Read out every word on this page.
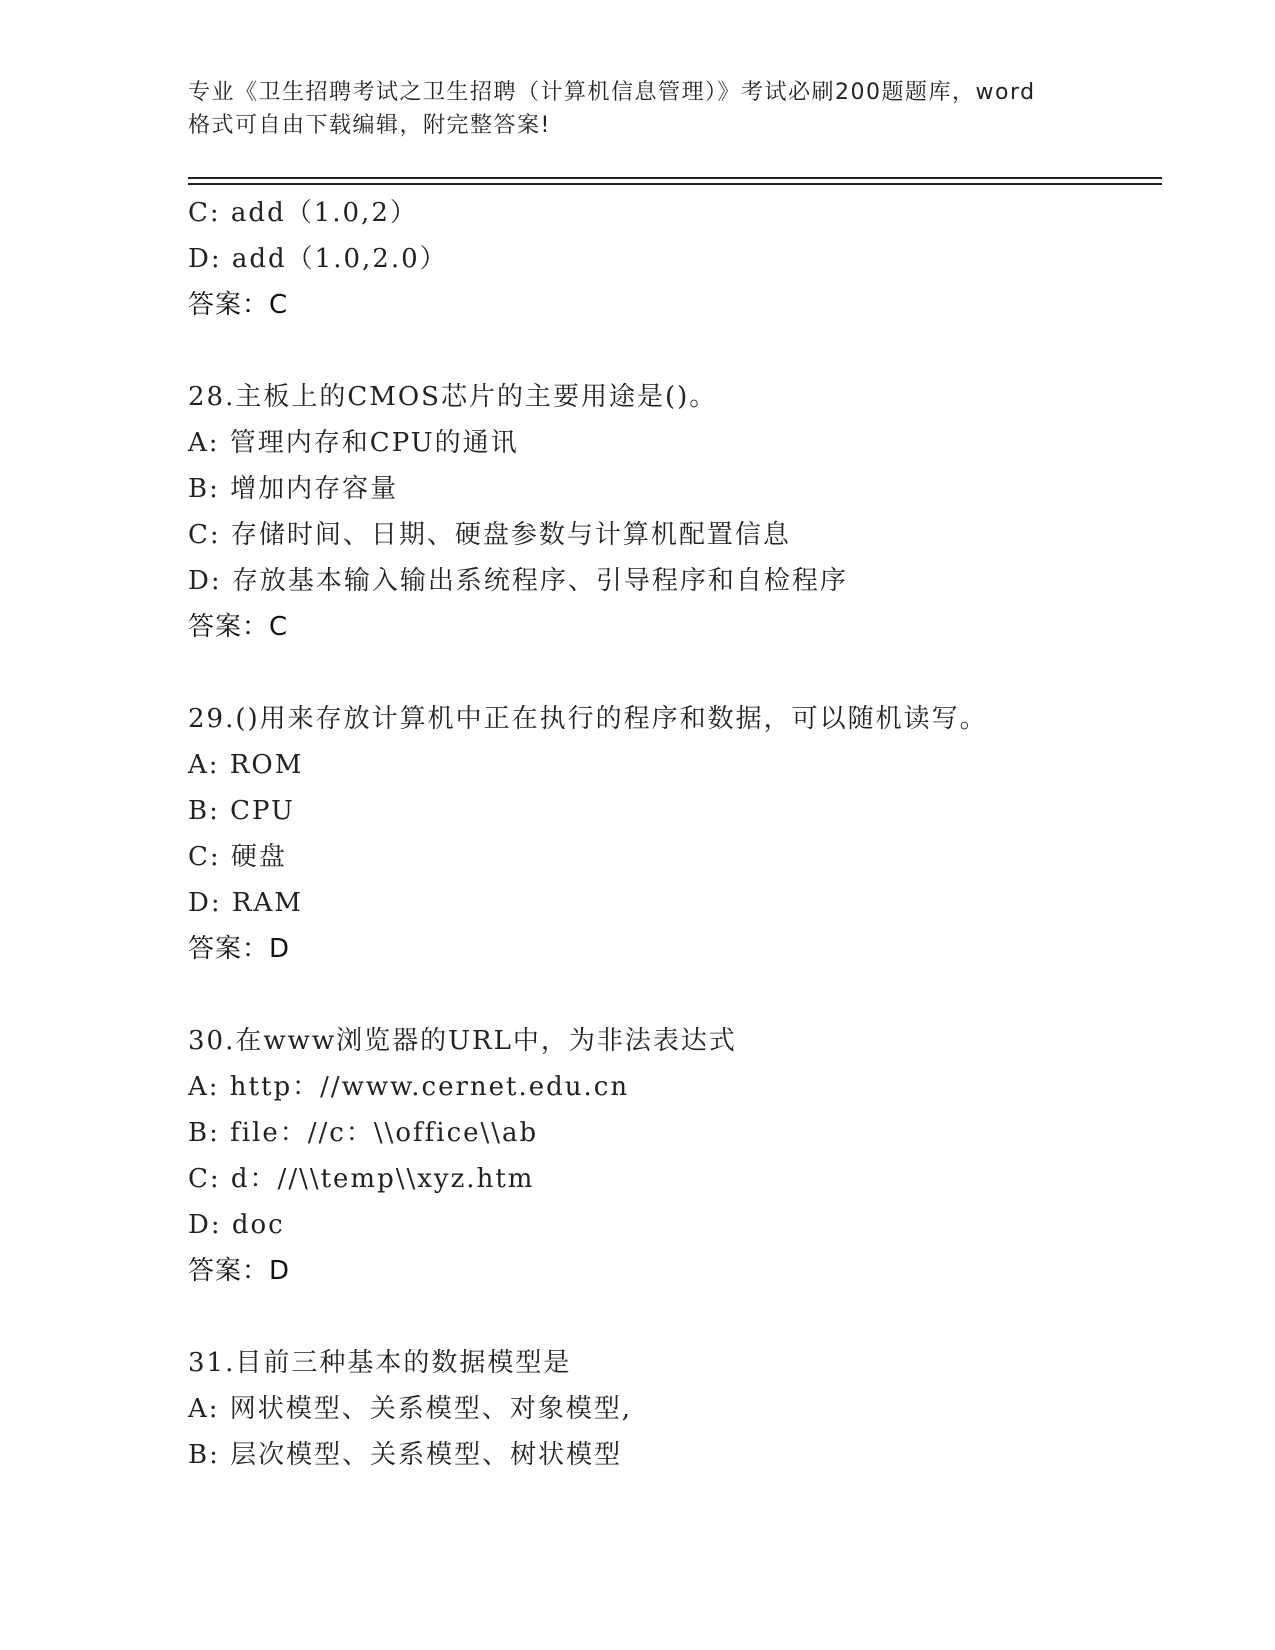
专业《卫生招聘考试之卫生招聘（计算机信息管理）》考试必刷200题题库，word
格式可自由下载编辑，附完整答案!
C: add（1.0,2）
D: add（1.0,2.0）
答案：C
28.主板上的CMOS芯片的主要用途是()。
A: 管理内存和CPU的通讯
B: 增加内存容量
C: 存储时间、日期、硬盘参数与计算机配置信息
D: 存放基本输入输出系统程序、引导程序和自检程序
答案：C
29.()用来存放计算机中正在执行的程序和数据，可以随机读写。
A: ROM
B: CPU
C: 硬盘
D: RAM
答案：D
30.在www浏览器的URL中，为非法表达式
A: http：//www.cernet.edu.cn
B: file：//c：\\office\\ab
C: d：//\\temp\\xyz.htm
D: doc
答案：D
31.目前三种基本的数据模型是
A: 网状模型、关系模型、对象模型,
B: 层次模型、关系模型、树状模型
